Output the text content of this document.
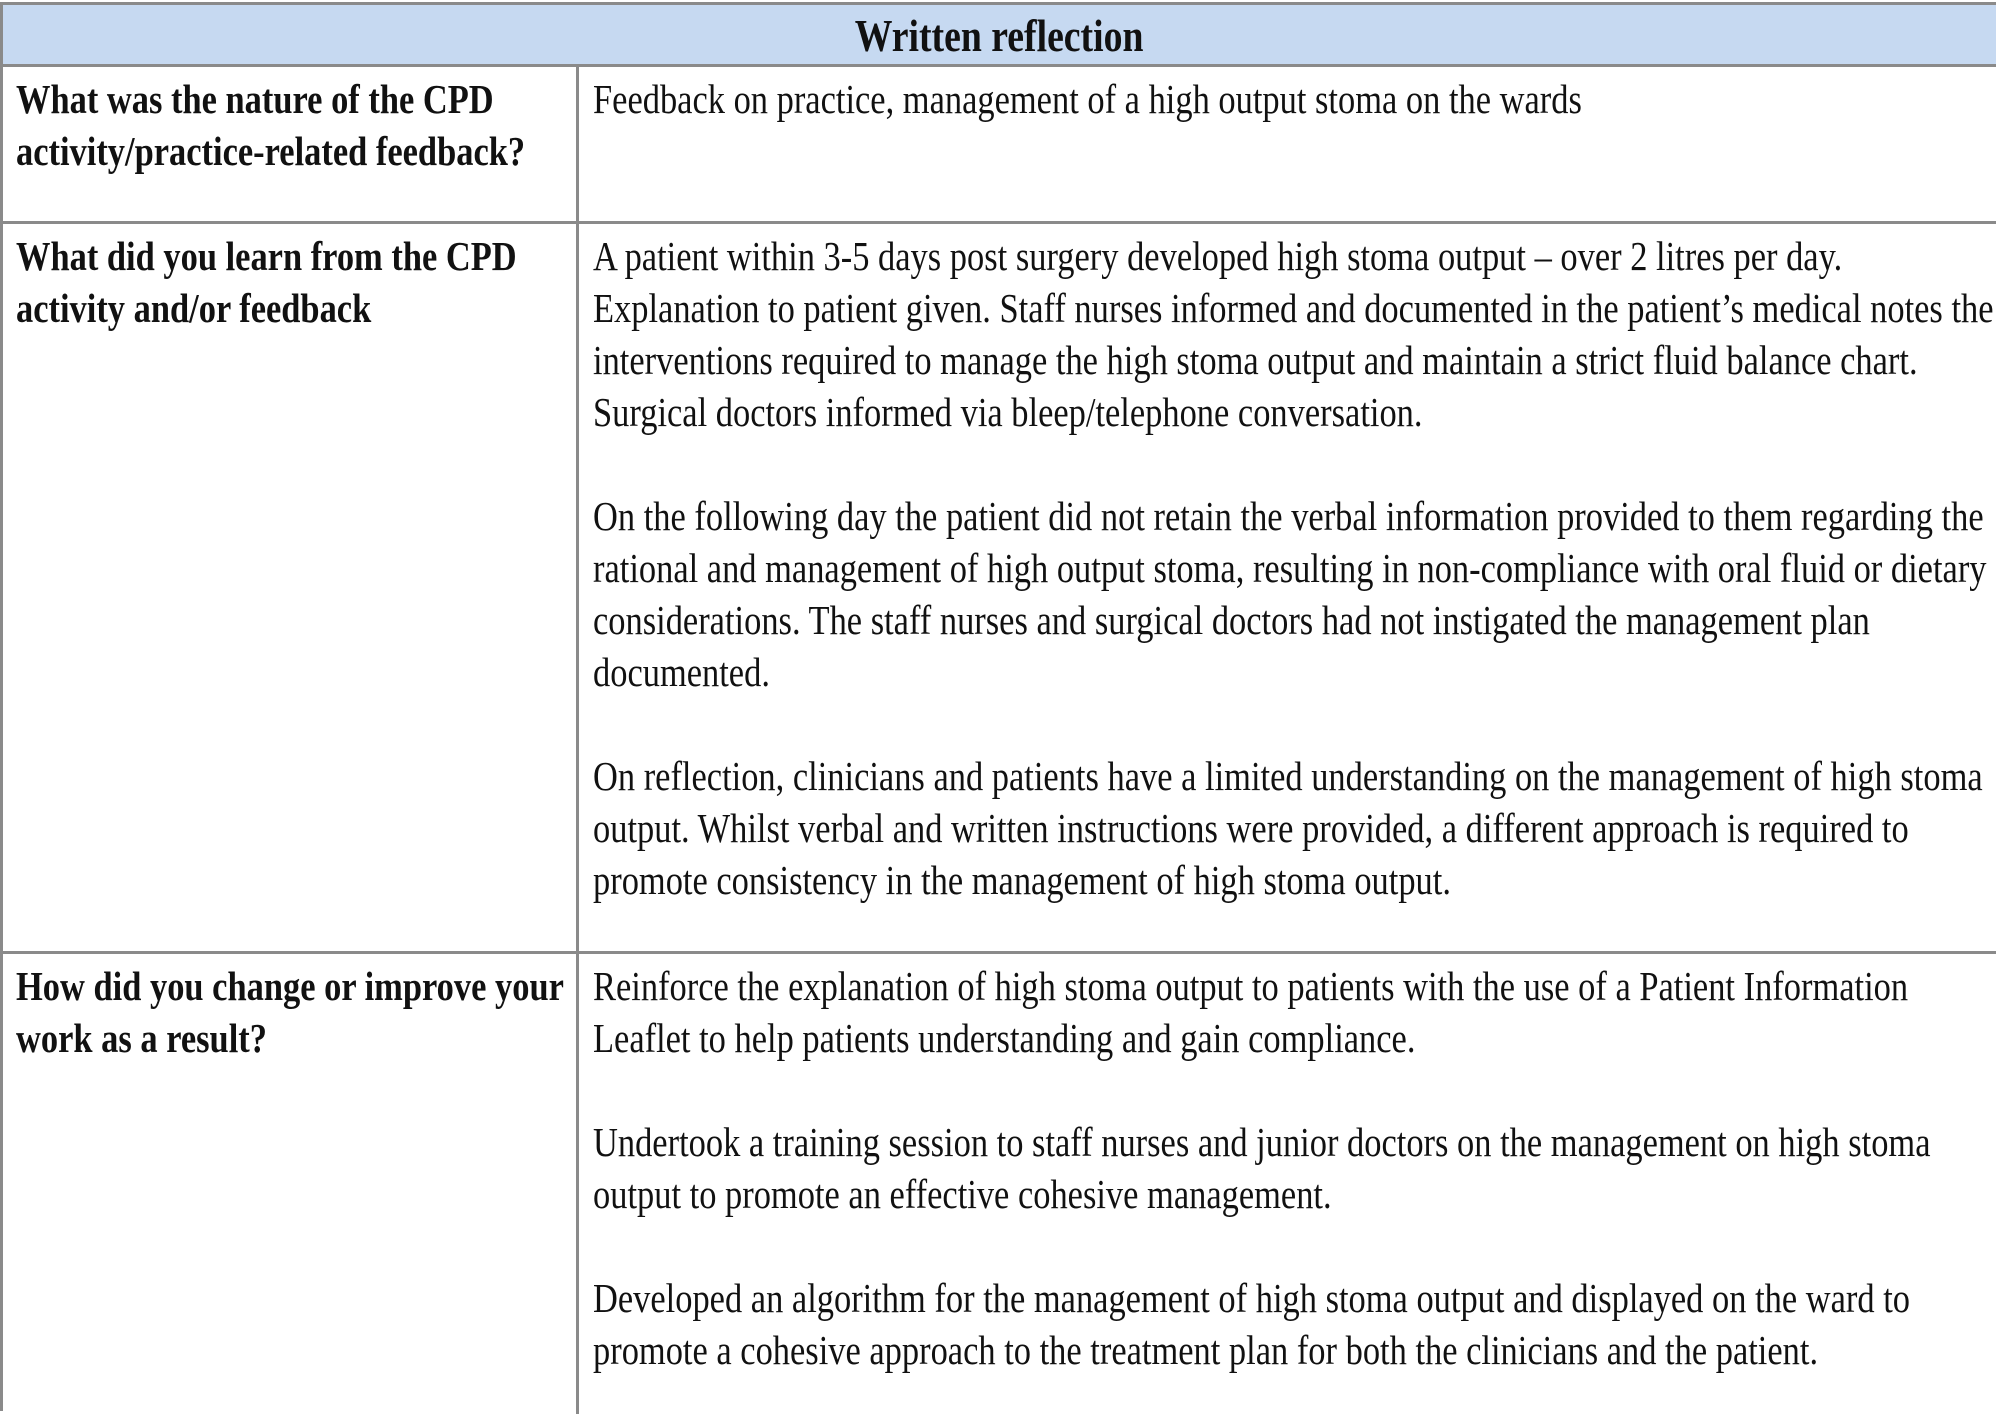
Written reflection
What was the nature of the CPD activity/practice-related feedback?

Feedback on practice, management of a high output stoma on the wards

What did you learn from the CPD activity and/or feedback

A patient within 3-5 days post surgery developed high stoma output – over 2 litres per day. Explanation to patient given. Staff nurses informed and documented in the patient’s medical notes the interventions required to manage the high stoma output and maintain a strict fluid balance chart. Surgical doctors informed via bleep/telephone conversation.

On the following day the patient did not retain the verbal information provided to them regarding the rational and management of high output stoma, resulting in non-compliance with oral fluid or dietary considerations. The staff nurses and surgical doctors had not instigated the management plan documented.

On reflection, clinicians and patients have a limited understanding on the management of high stoma output. Whilst verbal and written instructions were provided, a different approach is required to promote consistency in the management of high stoma output.

How did you change or improve your work as a result?

Reinforce the explanation of high stoma output to patients with the use of a Patient Information Leaflet to help patients understanding and gain compliance.

Undertook a training session to staff nurses and junior doctors on the management on high stoma output to promote an effective cohesive management.

Developed an algorithm for the management of high stoma output and displayed on the ward to promote a cohesive approach to the treatment plan for both the clinicians and the patient.
